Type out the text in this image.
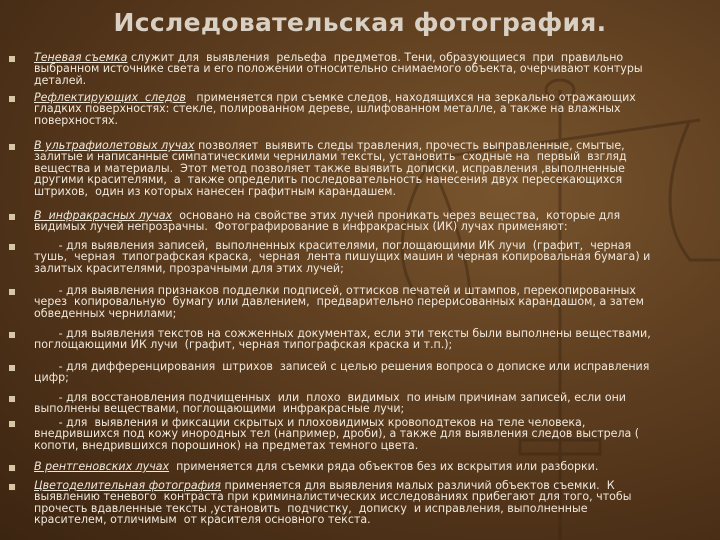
Исследовательская фотография.
Теневая съемка служит для  выявления  рельефа  предметов. Тени, образующиеся  при  правильно
выбранном источнике света и его положении относительно снимаемого объекта, очерчивают контуры
деталей.
Рефлектирующих  следов   применяется при съемке следов, находящихся на зеркально отражающих
гладких поверхностях: стекле, полированном дереве, шлифованном металле, а также на влажных
поверхностях.
В ультрафиолетовых лучах позволяет  выявить следы травления, прочесть выправленные, смытые,
залитые и написанные симпатическими чернилами тексты, установить  сходные на  первый  взгляд
вещества и материалы.  Этот метод позволяет также выявить дописки, исправления ,выполненные
другими красителями,  а  также определить последовательность нанесения двух пересекающихся
штрихов,  один из которых нанесен графитным карандашем.
В  инфракрасных лучах  основано на свойстве этих лучей проникать через вещества,  которые для
видимых лучей непрозрачны.  Фотографирование в инфракрасных (ИК) лучах применяют:
- для выявления записей,  выполненных красителями, поглощающими ИК лучи  (графит,  черная
тушь,  черная  типографская краска,  черная  лента пишущих машин и черная копировальная бумага) и
залитых красителями, прозрачными для этих лучей;
- для выявления признаков подделки подписей, оттисков печатей и штампов, перекопированных
через  копировальную  бумагу или давлением,  предварительно перерисованных карандашом, а затем
обведенных чернилами;
- для выявления текстов на сожженных документах, если эти тексты были выполнены веществами,
поглощающими ИК лучи  (графит, черная типографская краска и т.п.);
- для дифференцирования  штрихов  записей с целью решения вопроса о дописке или исправления
цифр;
- для восстановления подчищенных  или  плохо  видимых  по иным причинам записей, если они
выполнены веществами, поглощающими  инфракрасные лучи;
- для  выявления и фиксации скрытых и плоховидимых кровоподтеков на теле человека,
внедрившихся под кожу инородных тел (например, дроби), а также для выявления следов выстрела (
копоти, внедрившихся порошинок) на предметах темного цвета.
В рентгеновских лучах  применяется для съемки ряда объектов без их вскрытия или разборки.
Цветоделительная фотография применяется для выявления малых различий объектов съемки.  К
выявлению теневого  контраста при криминалистических исследованиях прибегают для того, чтобы
прочесть вдавленные тексты ,установить  подчистку,  дописку  и исправления, выполненные
красителем, отличимым  от красителя основного текста.
